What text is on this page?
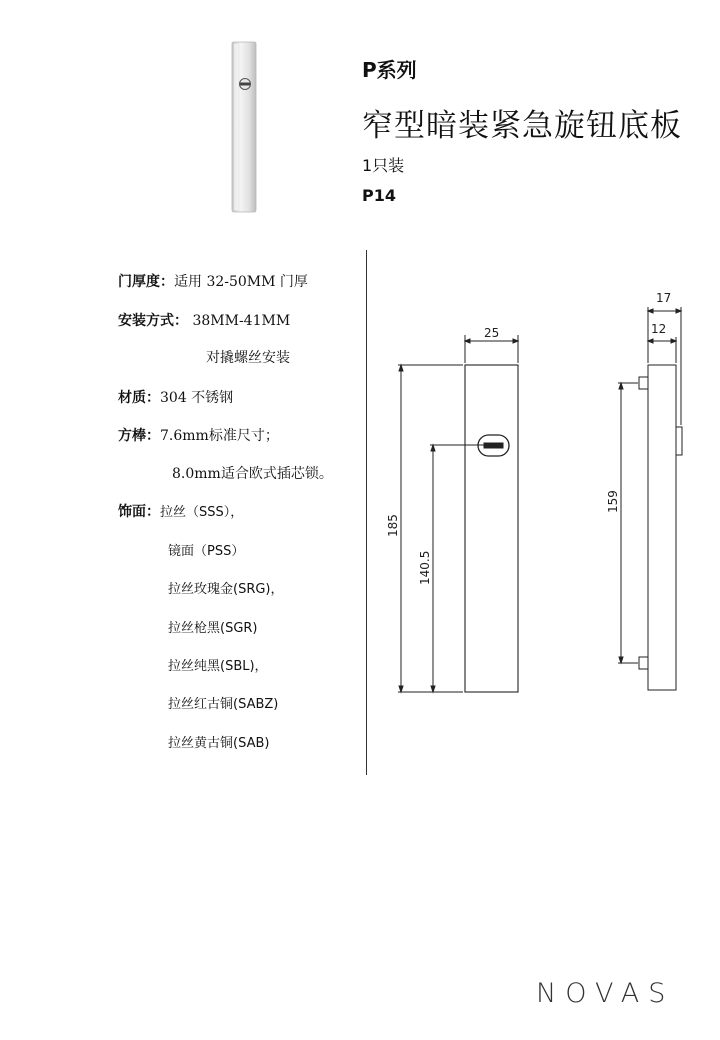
P系列
窄型暗装紧急旋钮底板
1只装
P14
门厚度：适用 32-50MM 门厚
安装方式： 38MM-41MM
对撬螺丝安装
材质：304 不锈钢
方棒：7.6mm标准尺寸；
8.0mm适合欧式插芯锁。
饰面：拉丝（SSS），
镜面（PSS）
拉丝玫瑰金(SRG)，
拉丝枪黑(SGR)
拉丝纯黑(SBL)，
拉丝红古铜(SABZ)
拉丝黄古铜(SAB)
25
185
140.5
17
12
159
NOVAS
